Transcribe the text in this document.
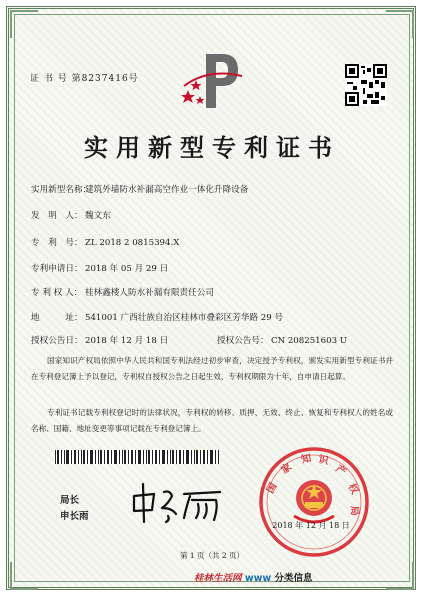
证 书 号 第8237416号
实用新型专利证书
实用新型名称：建筑外墙防水补漏高空作业一体化升降设备
发　明　人： 魏文东
专　利　号： ZL 2018 2 0815394.X
专利申请日： 2018 年 05 月 29 日
专 利 权 人： 桂林鑫楼人防水补漏有限责任公司
地　　　址： 541001 广西壮族自治区桂林市叠彩区芳华路 29 号
授权公告日： 2018 年 12 月 18 日	授权公告号： CN 208251603 U
国家知识产权局依照中华人民共和国专利法经过初步审查，决定授予专利权，颁发实用新型专利证书并在专利登记簿上予以登记，专利权自授权公告之日起生效，专利权期限为十年，自申请日起算。
专利证书记载专利权登记时的法律状况，专利权的转移、质押、无效、终止、恢复和专利权人的姓名或名称、国籍、地址变更等事项记载在专利登记簿上。
局长
申长雨
国
家
知 识
产
权
局
2018 年 12 月 18 日
第 1 页（共 2 页）
桂林生活网 www 分类信息
